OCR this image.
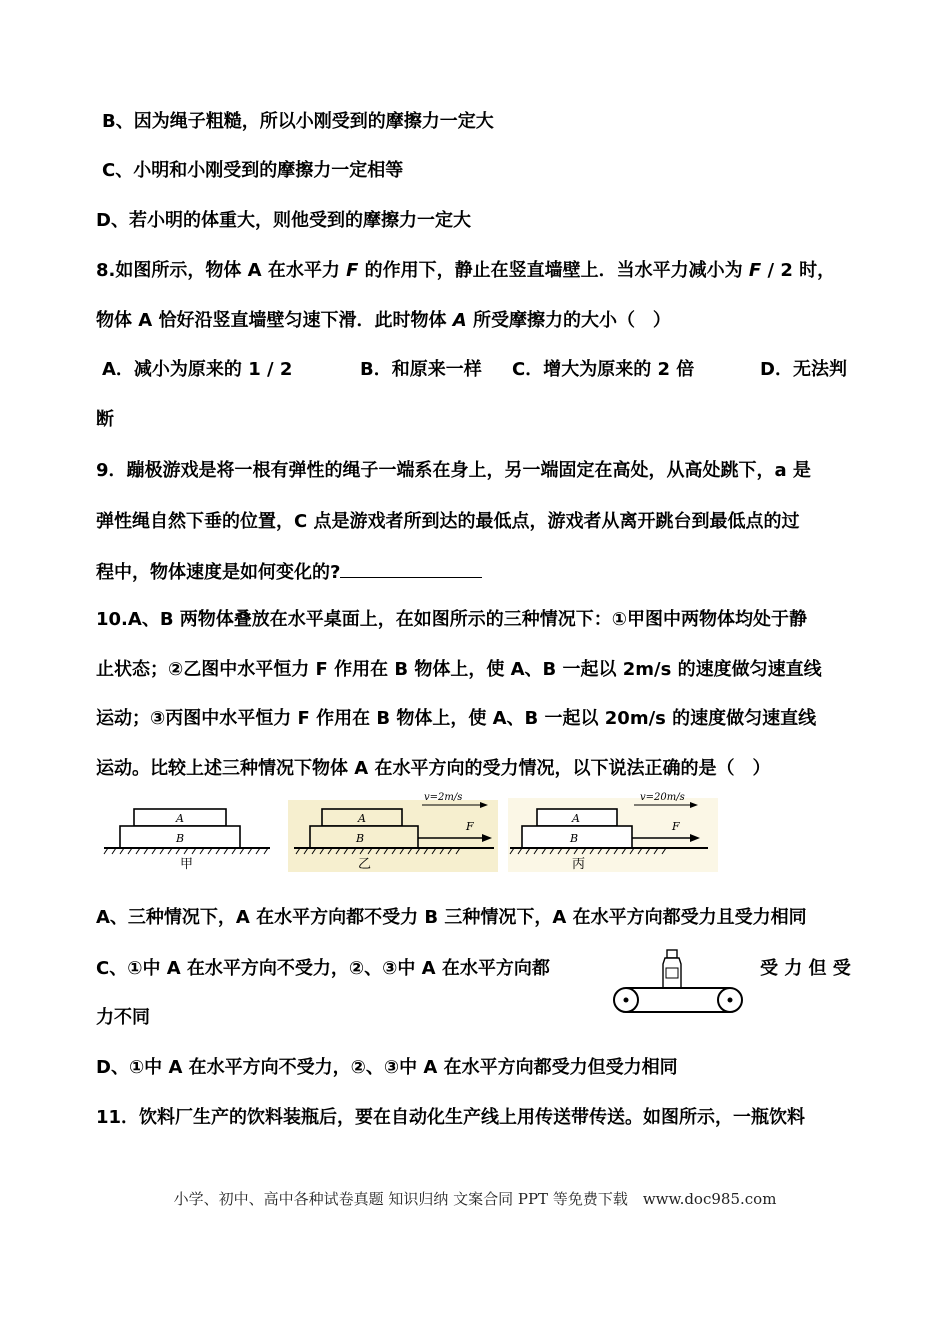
B、因为绳子粗糙，所以小刚受到的摩擦力一定大
C、小明和小刚受到的摩擦力一定相等
D、若小明的体重大，则他受到的摩擦力一定大
8.如图所示，物体 A 在水平力 F 的作用下，静止在竖直墙壁上．当水平力减小为 F / 2 时，
物体 A 恰好沿竖直墙壁匀速下滑．此时物体 A 所受摩擦力的大小（　）
A．减小为原来的 1 / 2	B．和原来一样 C．增大为原来的 2 倍	D．无法判
断
9．蹦极游戏是将一根有弹性的绳子一端系在身上，另一端固定在高处，从高处跳下，a 是
弹性绳自然下垂的位置，C 点是游戏者所到达的最低点，游戏者从离开跳台到最低点的过
程中，物体速度是如何变化的?
10.A、B 两物体叠放在水平桌面上，在如图所示的三种情况下：①甲图中两物体均处于静
止状态；②乙图中水平恒力 F 作用在 B 物体上，使 A、B 一起以 2m/s 的速度做匀速直线
运动；③丙图中水平恒力 F 作用在 B 物体上，使 A、B 一起以 20m/s 的速度做匀速直线
运动。比较上述三种情况下物体 A 在水平方向的受力情况，以下说法正确的是（　）
A
B
甲
A
B
F
v=2m/s
乙
A
B
F
v=20m/s
丙
A、三种情况下，A 在水平方向都不受力 B 三种情况下，A 在水平方向都受力且受力相同
C、①中 A 在水平方向不受力，②、③中 A 在水平方向都	受 力 但 受
力不同
D、①中 A 在水平方向不受力，②、③中 A 在水平方向都受力但受力相同
11．饮料厂生产的饮料装瓶后，要在自动化生产线上用传送带传送。如图所示，一瓶饮料
小学、初中、高中各种试卷真题 知识归纳 文案合同 PPT 等免费下载　www.doc985.com
